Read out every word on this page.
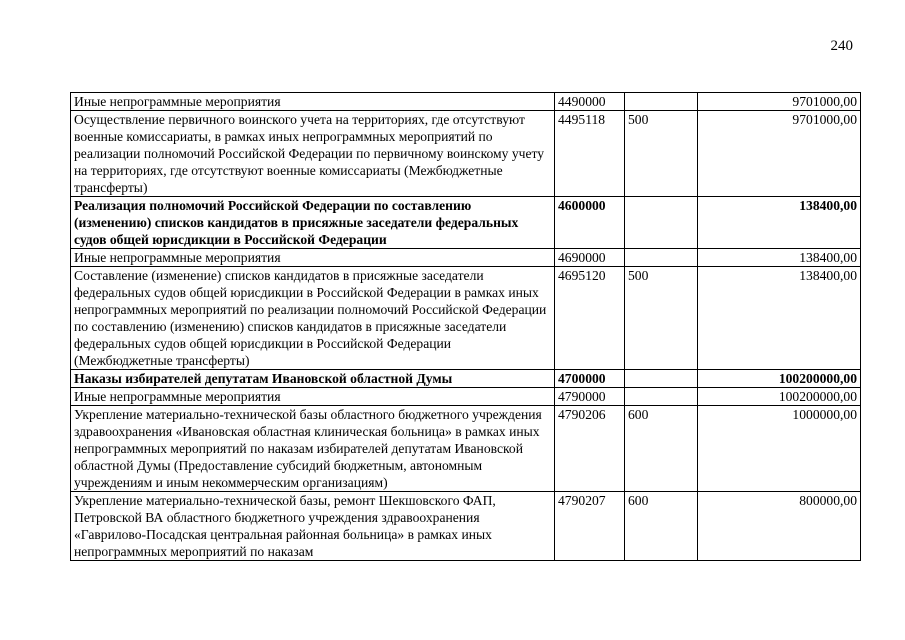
240
Иные непрограммные мероприятия	4490000		9701000,00
Осуществление первичного воинского учета на территориях, где отсутствуют военные комиссариаты, в рамках иных непрограммных мероприятий по реализации полномочий Российской Федерации по первичному воинскому учету на территориях, где отсутствуют военные комиссариаты (Межбюджетные трансферты)	4495118	500	9701000,00
Реализация полномочий Российской Федерации по составлению (изменению) списков кандидатов в присяжные заседатели федеральных судов общей юрисдикции в Российской Федерации	4600000		138400,00
Иные непрограммные мероприятия	4690000		138400,00
Составление (изменение) списков кандидатов в присяжные заседатели федеральных судов общей юрисдикции в Российской Федерации в рамках иных непрограммных мероприятий по реализации полномочий Российской Федерации по составлению (изменению) списков кандидатов в присяжные заседатели федеральных судов общей юрисдикции в Российской Федерации (Межбюджетные трансферты)	4695120	500	138400,00
Наказы избирателей депутатам Ивановской областной Думы	4700000		100200000,00
Иные непрограммные мероприятия	4790000		100200000,00
Укрепление материально-технической базы областного бюджетного учреждения здравоохранения «Ивановская областная клиническая больница» в рамках иных непрограммных мероприятий по наказам избирателей депутатам Ивановской областной Думы (Предоставление субсидий бюджетным, автономным учреждениям и иным некоммерческим организациям)	4790206	600	1000000,00
Укрепление материально-технической базы, ремонт Шекшовского ФАП, Петровской ВА областного бюджетного учреждения здравоохранения «Гаврилово-Посадская центральная районная больница» в рамках иных непрограммных мероприятий по наказам	4790207	600	800000,00
